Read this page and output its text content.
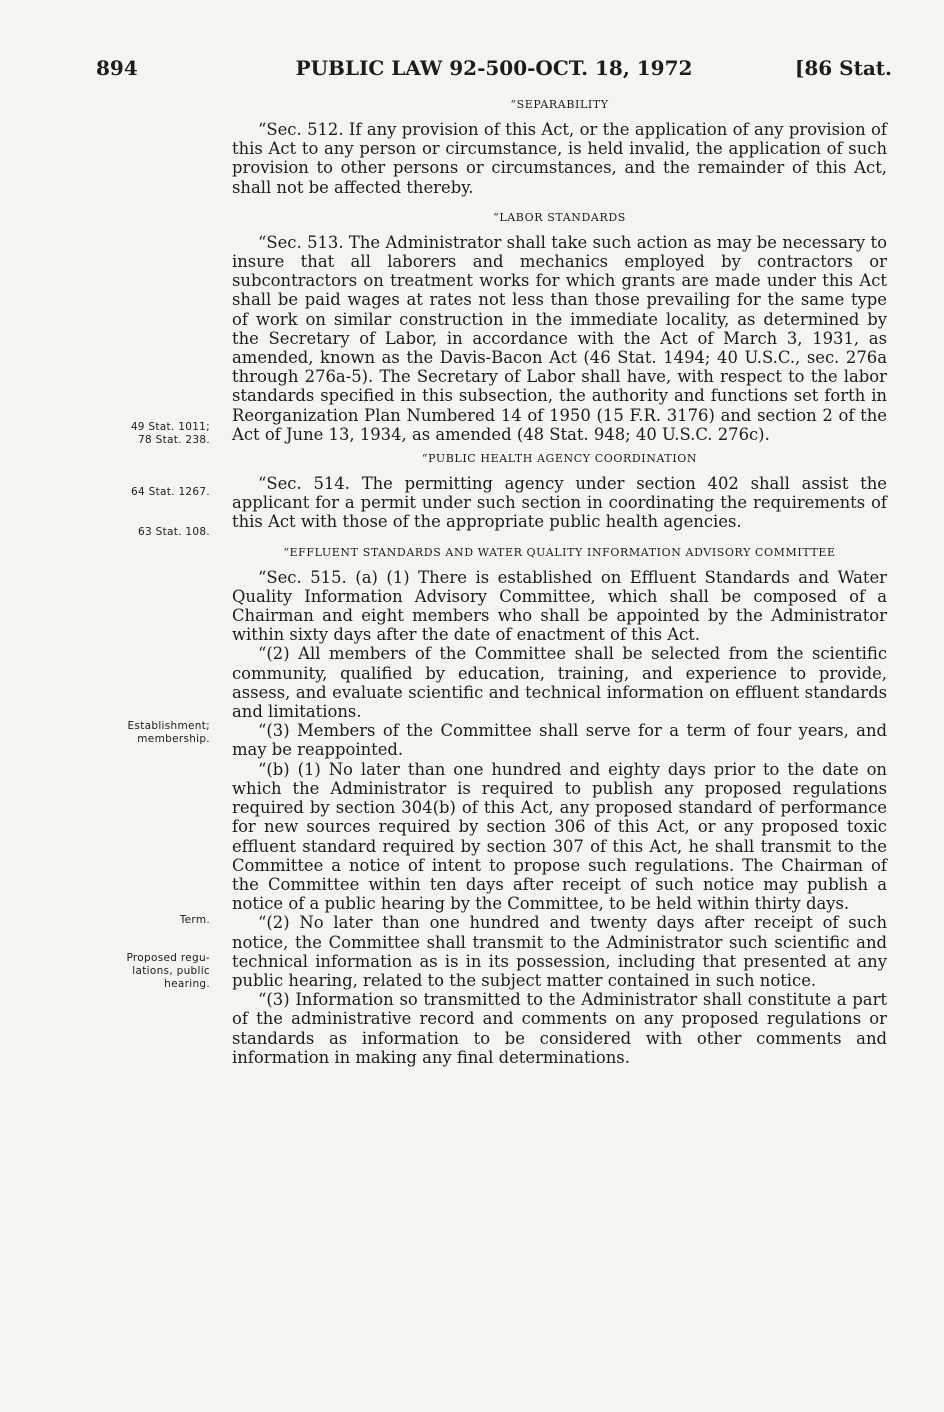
894	PUBLIC LAW 92-500-OCT. 18, 1972	[86 Stat.
49 Stat. 1011;
78 Stat. 238.
64 Stat. 1267.
63 Stat. 108.
Establishment;
membership.
Term.
Proposed regu-
lations, public
hearing.

“SEPARABILITY

“Sec. 512. If any provision of this Act, or the application of any provision of this Act to any person or circumstance, is held invalid, the application of such provision to other persons or circumstances, and the remainder of this Act, shall not be affected thereby.

“LABOR STANDARDS

“Sec. 513. The Administrator shall take such action as may be necessary to insure that all laborers and mechanics employed by contractors or subcontractors on treatment works for which grants are made under this Act shall be paid wages at rates not less than those prevailing for the same type of work on similar construction in the immediate locality, as determined by the Secretary of Labor, in accordance with the Act of March 3, 1931, as amended, known as the Davis-Bacon Act (46 Stat. 1494; 40 U.S.C., sec. 276a through 276a-5). The Secretary of Labor shall have, with respect to the labor standards specified in this subsection, the authority and functions set forth in Reorganization Plan Numbered 14 of 1950 (15 F.R. 3176) and section 2 of the Act of June 13, 1934, as amended (48 Stat. 948; 40 U.S.C. 276c).

“PUBLIC HEALTH AGENCY COORDINATION

“Sec. 514. The permitting agency under section 402 shall assist the applicant for a permit under such section in coordinating the requirements of this Act with those of the appropriate public health agencies.

“EFFLUENT STANDARDS AND WATER QUALITY INFORMATION ADVISORY COMMITTEE

“Sec. 515. (a) (1) There is established on Effluent Standards and Water Quality Information Advisory Committee, which shall be composed of a Chairman and eight members who shall be appointed by the Administrator within sixty days after the date of enactment of this Act.

“(2) All members of the Committee shall be selected from the scientific community, qualified by education, training, and experience to provide, assess, and evaluate scientific and technical information on effluent standards and limitations.

“(3) Members of the Committee shall serve for a term of four years, and may be reappointed.

“(b) (1) No later than one hundred and eighty days prior to the date on which the Administrator is required to publish any proposed regulations required by section 304(b) of this Act, any proposed standard of performance for new sources required by section 306 of this Act, or any proposed toxic effluent standard required by section 307 of this Act, he shall transmit to the Committee a notice of intent to propose such regulations. The Chairman of the Committee within ten days after receipt of such notice may publish a notice of a public hearing by the Committee, to be held within thirty days.

“(2) No later than one hundred and twenty days after receipt of such notice, the Committee shall transmit to the Administrator such scientific and technical information as is in its possession, including that presented at any public hearing, related to the subject matter contained in such notice.

“(3) Information so transmitted to the Administrator shall constitute a part of the administrative record and comments on any proposed regulations or standards as information to be considered with other comments and information in making any final determinations.
